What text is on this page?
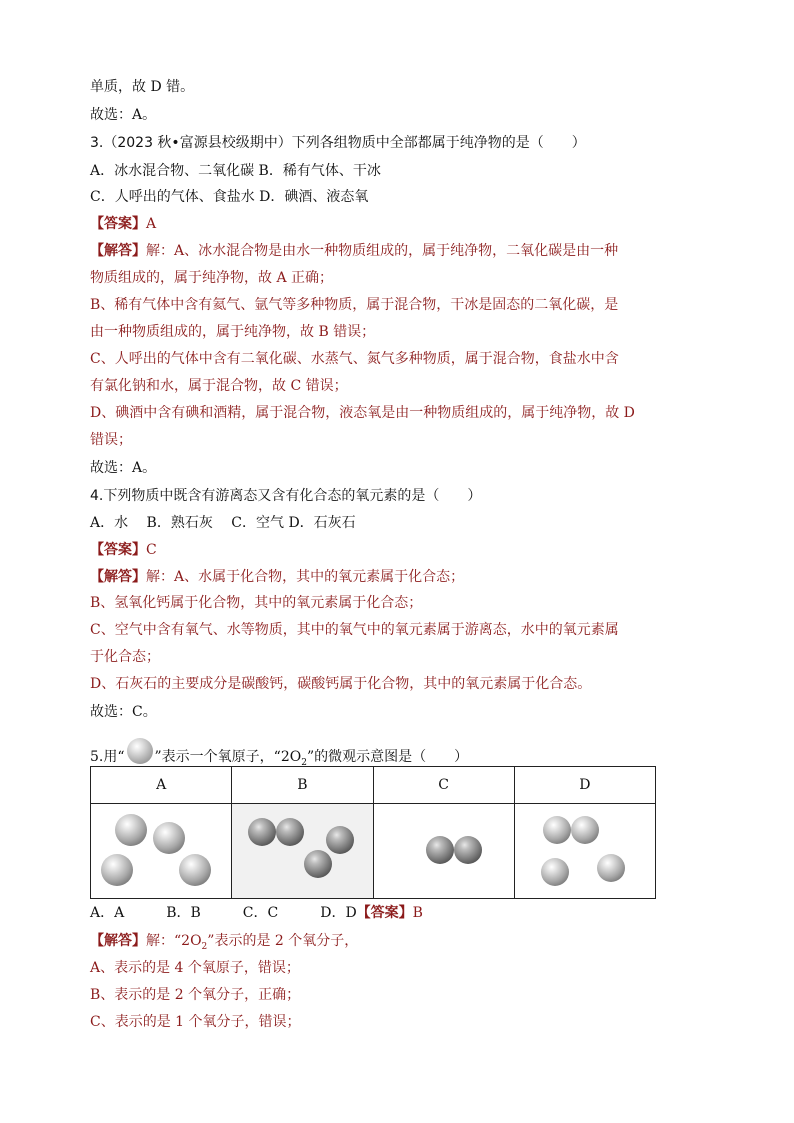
单质，故 D 错。
故选：A。
3.（2023 秋•富源县校级期中）下列各组物质中全部都属于纯净物的是（　　）
A．冰水混合物、二氧化碳 B．稀有气体、干冰
C．人呼出的气体、食盐水 D．碘酒、液态氧
【答案】A
【解答】解：A、冰水混合物是由水一种物质组成的，属于纯净物，二氧化碳是由一种
物质组成的，属于纯净物，故 A 正确；
B、稀有气体中含有氦气、氩气等多种物质，属于混合物，干冰是固态的二氧化碳，是
由一种物质组成的，属于纯净物，故 B 错误；
C、人呼出的气体中含有二氧化碳、水蒸气、氮气多种物质，属于混合物，食盐水中含
有氯化钠和水，属于混合物，故 C 错误；
D、碘酒中含有碘和酒精，属于混合物，液态氧是由一种物质组成的，属于纯净物，故 D
错误；
故选：A。
4.下列物质中既含有游离态又含有化合态的氧元素的是（　　）
A．水　 B．熟石灰　 C．空气 D．石灰石
【答案】C
【解答】解：A、水属于化合物，其中的氧元素属于化合态；
B、氢氧化钙属于化合物，其中的氧元素属于化合态；
C、空气中含有氧气、水等物质，其中的氧气中的氧元素属于游离态，水中的氧元素属
于化合态；
D、石灰石的主要成分是碳酸钙，碳酸钙属于化合物，其中的氧元素属于化合态。
故选：C。
5.用“ ”表示一个氧原子，“$2O_2$”的微观示意图是（　　）
A	B	C	D

A．A　　　B．B　　　C．C　　　D．D【答案】B
【解答】解：“$2O_2$”表示的是 2 个氧分子，
A、表示的是 4 个氧原子，错误；
B、表示的是 2 个氧分子，正确；
C、表示的是 1 个氧分子，错误；
